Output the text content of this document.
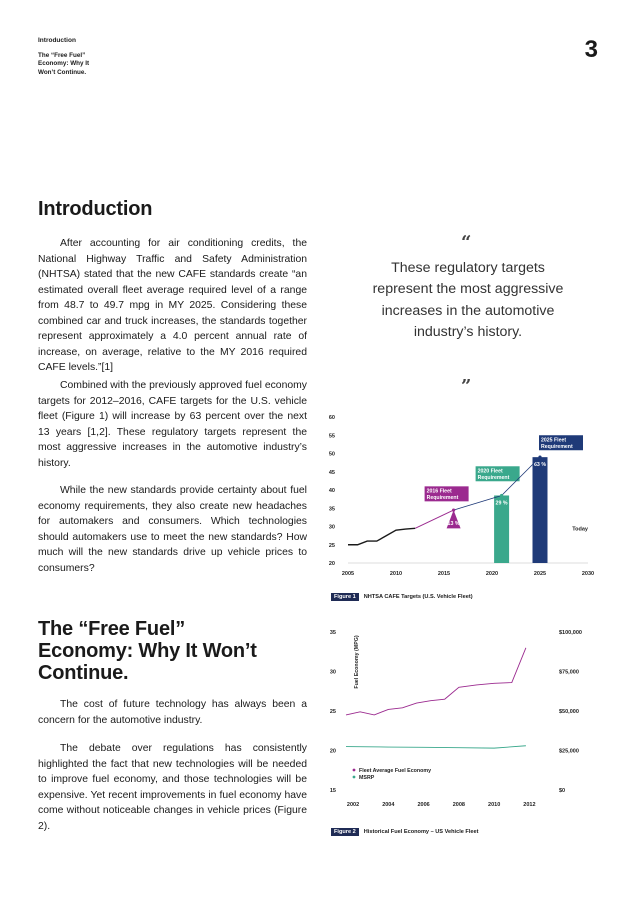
Introduction
The “Free Fuel” Economy: Why It Won’t Continue.
3
Introduction

After accounting for air conditioning credits, the National Highway Traffic and Safety Administration (NHTSA) stated that the new CAFE standards create “an estimated overall fleet average required level of a range from 48.7 to 49.7 mpg in MY 2025. Considering these combined car and truck increases, the standards together represent approximately a 4.0 percent annual rate of increase, on average, relative to the MY 2016 required CAFE levels.”[1]

Combined with the previously approved fuel economy targets for 2012–2016, CAFE targets for the U.S. vehicle fleet (Figure 1) will increase by 63 percent over the next 13 years [1,2]. These regulatory targets represent the most aggressive increases in the automotive industry’s history.

While the new standards provide certainty about fuel economy requirements, they also create new headaches for automakers and consumers. Which technologies should automakers use to meet the new standards? How much will the new standards drive up vehicle prices to consumers?

“
These regulatory targets represent the most aggressive increases in the automotive industry’s history.
”
20
25
30
35
40
45
50
55
60
2005	2010	2015	2020	2025	2030
13 %
2016 Fleet
Requirement
29 %
2020 Fleet
Requirement
63 %
2025 Fleet
Requirement
Today
Figure 1	NHTSA CAFE Targets (U.S. Vehicle Fleet)
The “Free Fuel” Economy: Why It Won’t Continue.

The cost of future technology has always been a concern for the automotive industry.

The debate over regulations has consistently highlighted the fact that new technologies will be needed to improve fuel economy, and those technologies will be expensive. Yet recent improvements in fuel economy have come without noticeable changes in vehicle prices (Figure 2).

15
20
25
30
35
$0
$25,000
$50,000
$75,000
$100,000
2002	2004	2006	2008	2010	2012
Fuel Economy (MPG)
Fleet Average Fuel Economy
MSRP
Figure 2	Historical Fuel Economy – US Vehicle Fleet
